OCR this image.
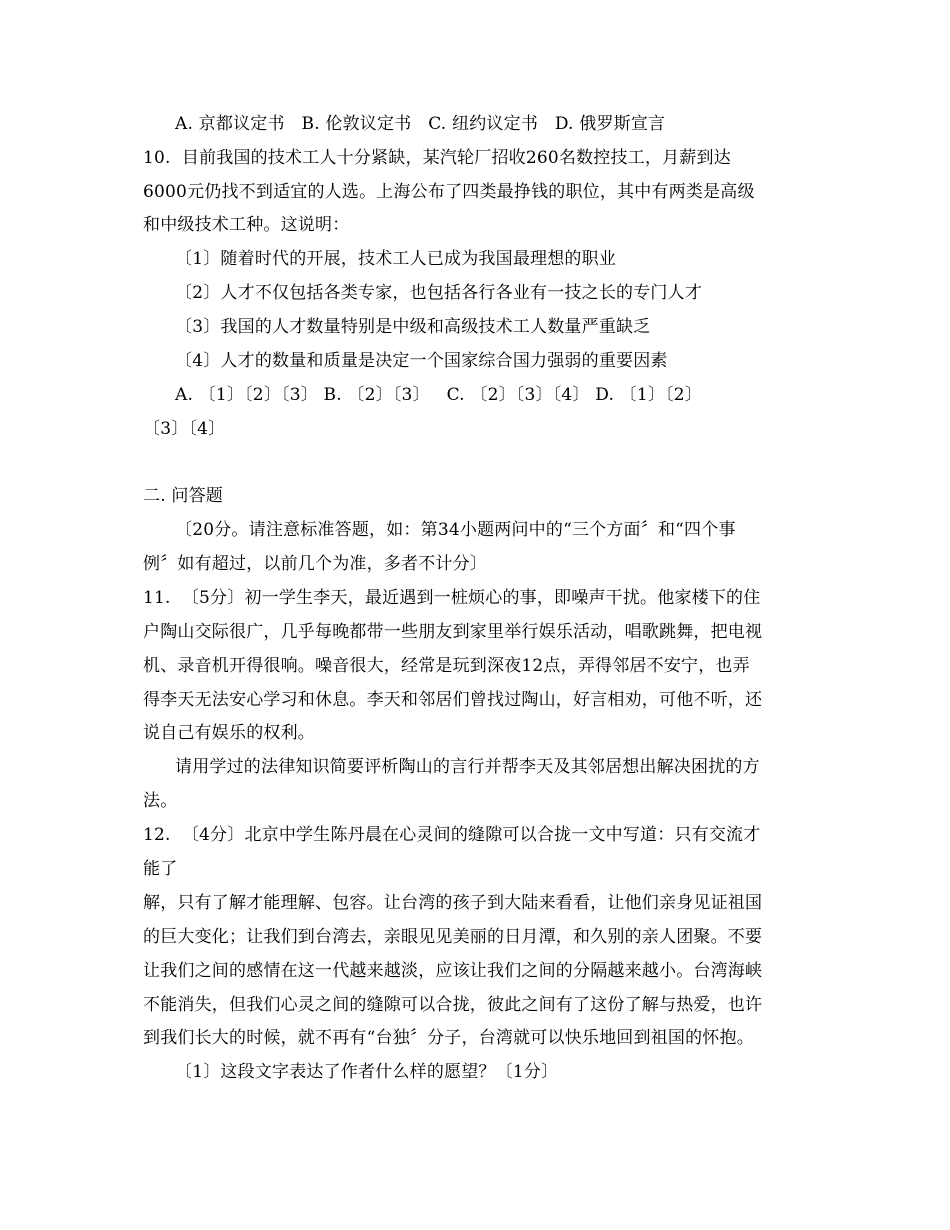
A. 京都议定书   B. 伦敦议定书   C. 纽约议定书   D. 俄罗斯宣言
10.  目前我国的技术工人十分紧缺，某汽轮厂招收260名数控技工，月薪到达
6000元仍找不到适宜的人选。上海公布了四类最挣钱的职位，其中有两类是高级
和中级技术工种。这说明：
〔1〕随着时代的开展，技术工人已成为我国最理想的职业
〔2〕人才不仅包括各类专家，也包括各行各业有一技之长的专门人才
〔3〕我国的人才数量特别是中级和高级技术工人数量严重缺乏
〔4〕人才的数量和质量是决定一个国家综合国力强弱的重要因素
A. 〔1〕〔2〕〔3〕 B. 〔2〕〔3〕   C. 〔2〕〔3〕〔4〕 D. 〔1〕〔2〕
〔3〕〔4〕
二. 问答题
〔20分。请注意标准答题，如：第34小题两问中的“三个方面〞和“四个事
例〞如有超过，以前几个为准，多者不计分〕
11.  〔5分〕初一学生李天，最近遇到一桩烦心的事，即噪声干扰。他家楼下的住
户陶山交际很广，几乎每晚都带一些朋友到家里举行娱乐活动，唱歌跳舞，把电视
机、录音机开得很响。噪音很大，经常是玩到深夜12点，弄得邻居不安宁，也弄
得李天无法安心学习和休息。李天和邻居们曾找过陶山，好言相劝，可他不听，还
说自己有娱乐的权利。
请用学过的法律知识简要评析陶山的言行并帮李天及其邻居想出解决困扰的方
法。
12.  〔4分〕北京中学生陈丹晨在心灵间的缝隙可以合拢一文中写道：只有交流才
能了
解，只有了解才能理解、包容。让台湾的孩子到大陆来看看，让他们亲身见证祖国
的巨大变化；让我们到台湾去，亲眼见见美丽的日月潭，和久别的亲人团聚。不要
让我们之间的感情在这一代越来越淡，应该让我们之间的分隔越来越小。台湾海峡
不能消失，但我们心灵之间的缝隙可以合拢，彼此之间有了这份了解与热爱，也许
到我们长大的时候，就不再有“台独〞分子，台湾就可以快乐地回到祖国的怀抱。
〔1〕这段文字表达了作者什么样的愿望？〔1分〕
